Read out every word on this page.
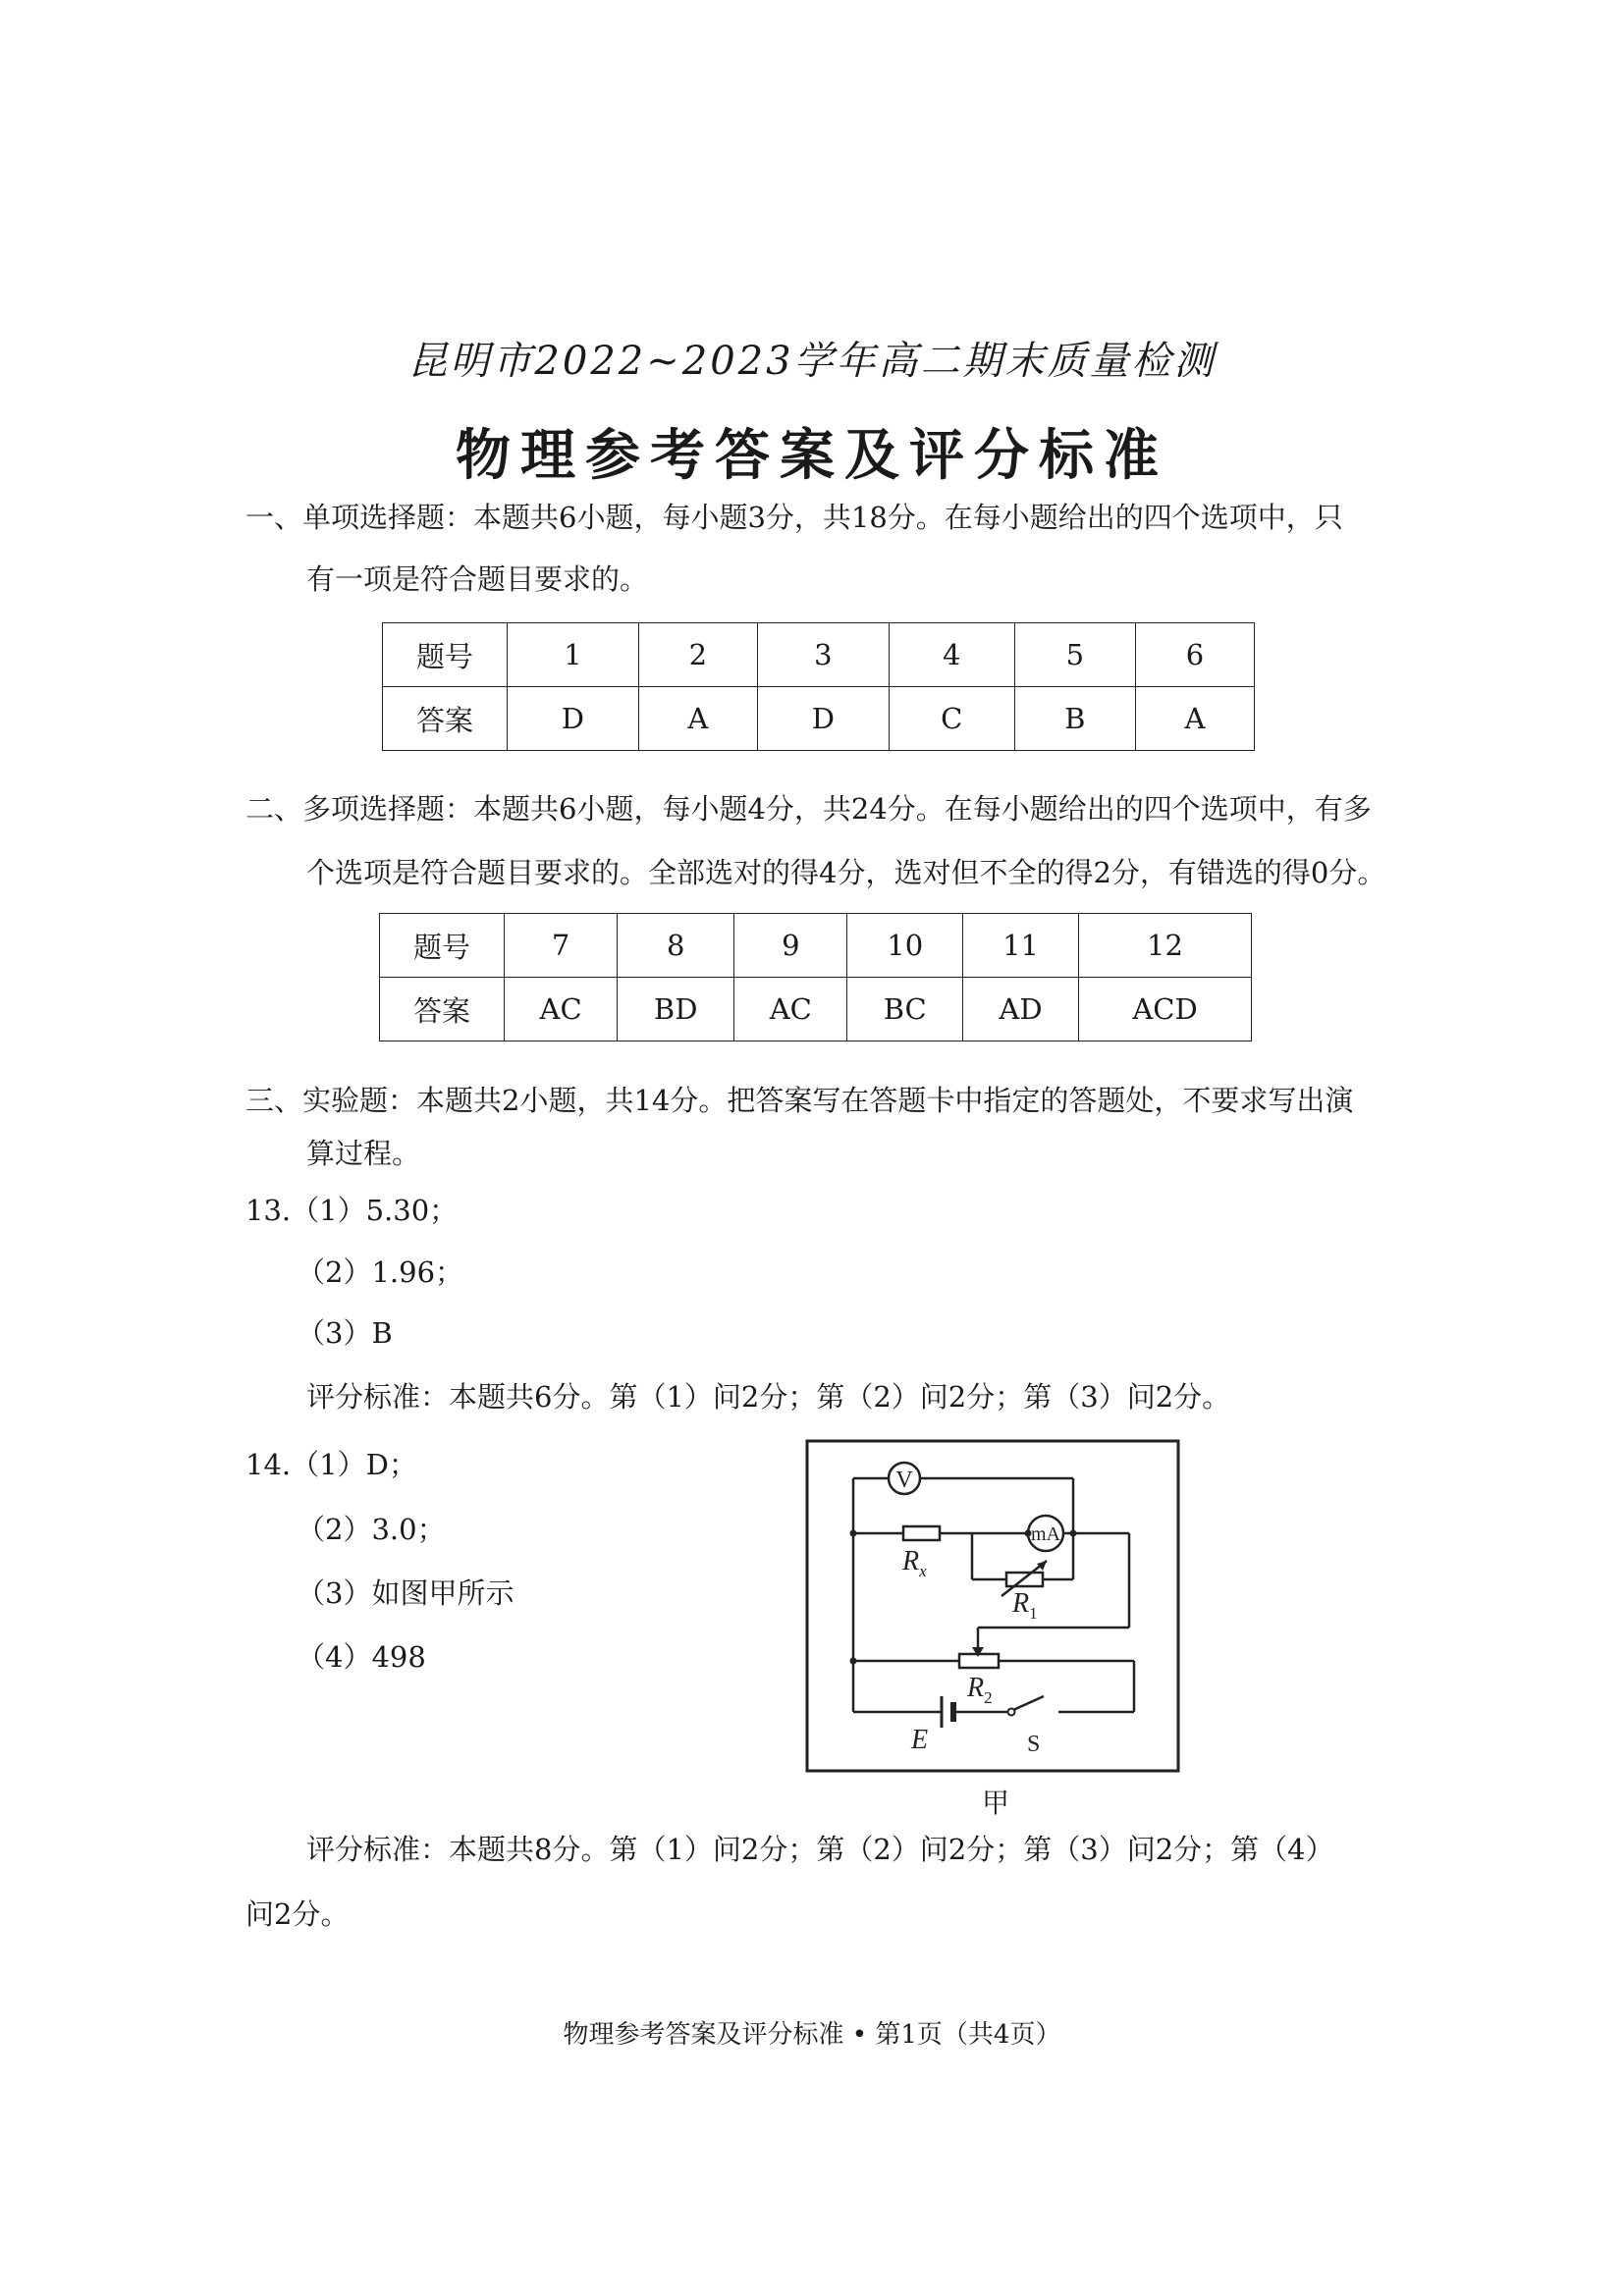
昆明市2022~2023学年高二期末质量检测
物理参考答案及评分标准
一、单项选择题：本题共6小题，每小题3分，共18分。在每小题给出的四个选项中，只
有一项是符合题目要求的。
题号	1	2	3	4	5	6
答案	D	A	D	C	B	A
二、多项选择题：本题共6小题，每小题4分，共24分。在每小题给出的四个选项中，有多
个选项是符合题目要求的。全部选对的得4分，选对但不全的得2分，有错选的得0分。
题号	7	8	9	10	11	12
答案	AC	BD	AC	BC	AD	ACD
三、实验题：本题共2小题，共14分。把答案写在答题卡中指定的答题处，不要求写出演
算过程。
13.（1）5.30；
（2）1.96；
（3）B
评分标准：本题共6分。第（1）问2分；第（2）问2分；第（3）问2分。
14.（1）D；
（2）3.0；
（3）如图甲所示
（4）498
V
mA
$R_x$
$R_1$
$R_2$
E	S
甲
评分标准：本题共8分。第（1）问2分；第（2）问2分；第（3）问2分；第（4）
问2分。
物理参考答案及评分标准 • 第1页（共4页）
